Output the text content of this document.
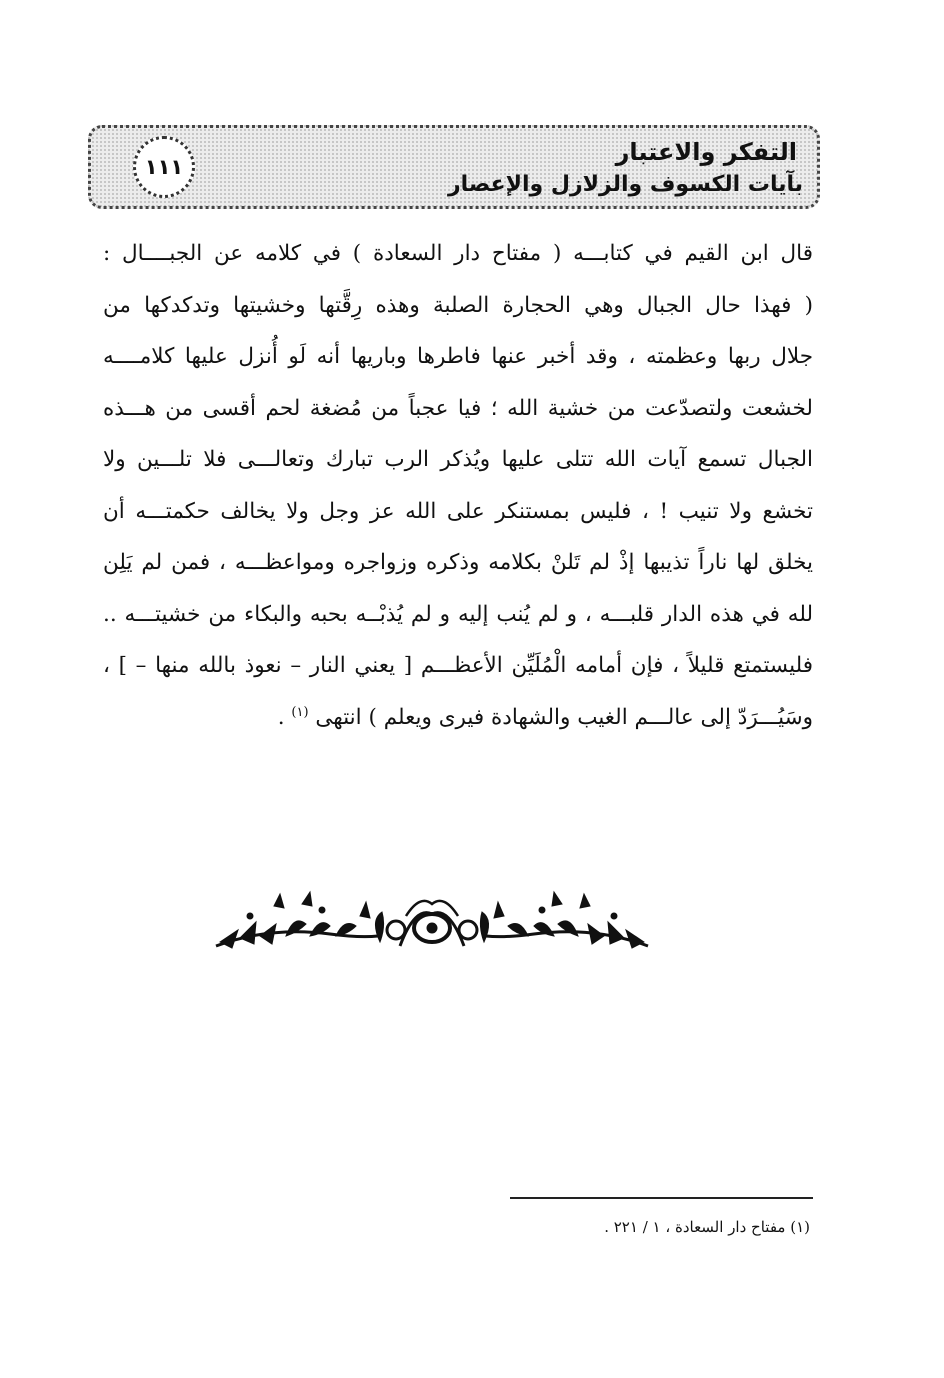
التفكر والاعتبار
بآيات الكسوف والزلازل والإعصار
١١١
قال ابن القيم في كتابـــه ( مفتاح دار السعادة ) في كلامه عن الجبــــال :
( فهذا حال الجبال وهي الحجارة الصلبة وهذه رِقَّتها وخشيتها وتدكدكها من
جلال ربها وعظمته ، وقد أخبر عنها فاطرها وباريها أنه لَو أُنزل عليها كلامــــه
لخشعت ولتصدّعت من خشية الله ؛ فيا عجباً من مُضغة لحم أقسى من هـــذه
الجبال تسمع آيات الله تتلى عليها ويُذكر الرب تبارك وتعالـــى فلا تلـــين ولا
تخشع ولا تنيب ! ، فليس بمستنكر على الله عز وجل ولا يخالف حكمتـــه أن
يخلق لها ناراً تذيبها إذْ لم تَلنْ بكلامه وذكره وزواجره ومواعظـــه ، فمن لم يَلِن
لله في هذه الدار قلبـــه ، و لم يُنب إليه و لم يُذبْــه بحبه والبكاء من خشيتـــه ..
فليستمتع قليلاً ، فإن أمامه الْمُلَيِّن الأعظـــم [ يعني النار – نعوذ بالله منها – ] ،
وسَيُـــرَدّ إلى عالـــم الغيب والشهادة فيرى ويعلم ) انتهى $^{(١)}$ .
(١) مفتاح دار السعادة ، ١ / ٢٢١ .
